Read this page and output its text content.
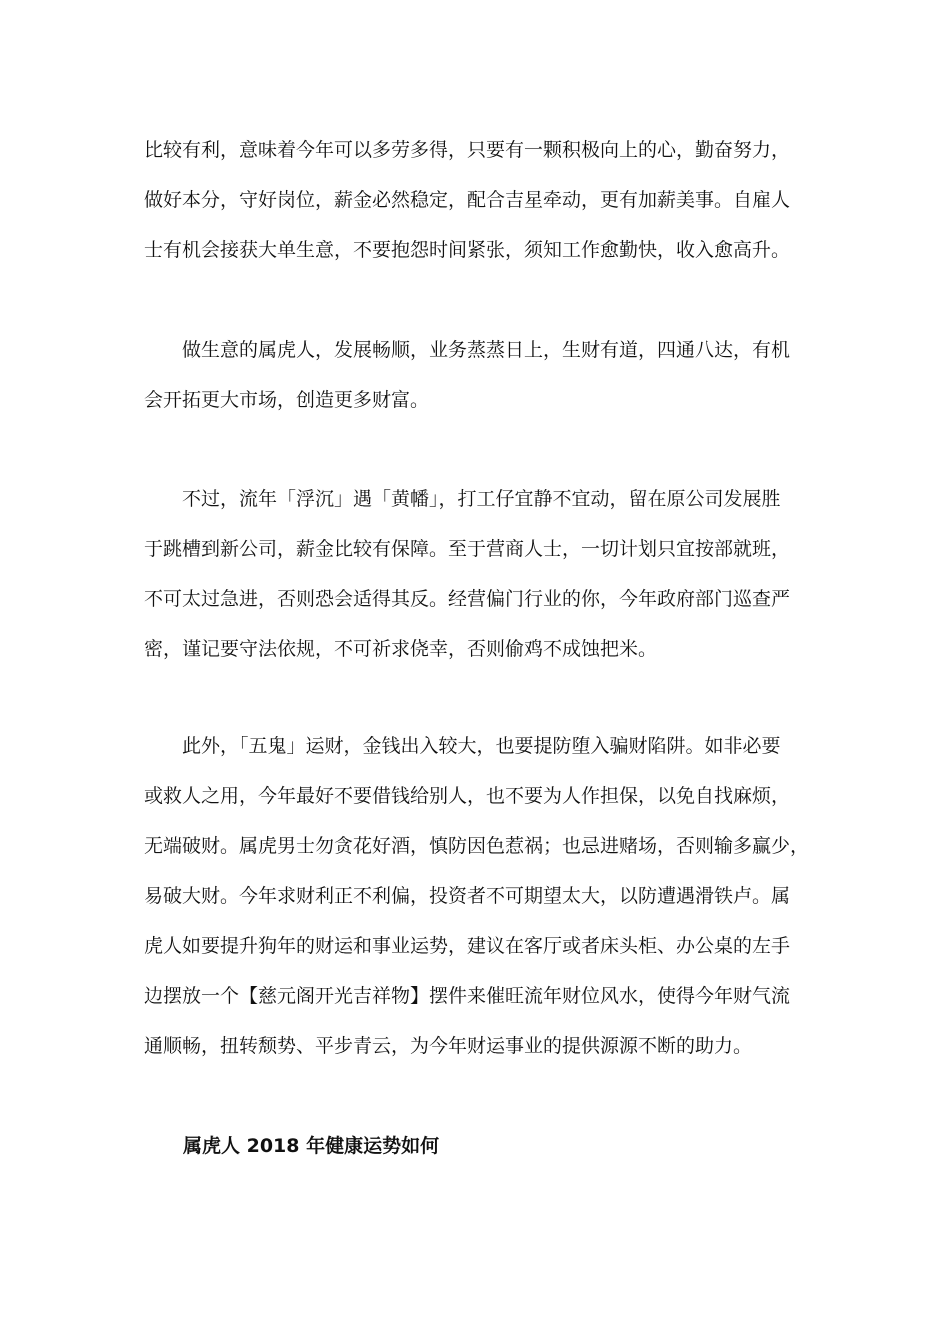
比较有利，意味着今年可以多劳多得，只要有一颗积极向上的心，勤奋努力，
做好本分，守好岗位，薪金必然稳定，配合吉星牵动，更有加薪美事。自雇人
士有机会接获大单生意，不要抱怨时间紧张，须知工作愈勤快，收入愈高升。
　　做生意的属虎人，发展畅顺，业务蒸蒸日上，生财有道，四通八达，有机
会开拓更大市场，创造更多财富。
　　不过，流年「浮沉」遇「黄幡」，打工仔宜静不宜动，留在原公司发展胜
于跳槽到新公司，薪金比较有保障。至于营商人士，一切计划只宜按部就班，
不可太过急进，否则恐会适得其反。经营偏门行业的你，今年政府部门巡查严
密，谨记要守法依规，不可祈求侥幸，否则偷鸡不成蚀把米。
　　此外，「五鬼」运财，金钱出入较大，也要提防堕入骗财陷阱。如非必要
或救人之用，今年最好不要借钱给别人，也不要为人作担保，以免自找麻烦，
无端破财。属虎男士勿贪花好酒，慎防因色惹祸；也忌进赌场，否则输多赢少，
易破大财。今年求财利正不利偏，投资者不可期望太大，以防遭遇滑铁卢。属
虎人如要提升狗年的财运和事业运势，建议在客厅或者床头柜、办公桌的左手
边摆放一个【慈元阁开光吉祥物】摆件来催旺流年财位风水，使得今年财气流
通顺畅，扭转颓势、平步青云，为今年财运事业的提供源源不断的助力。
属虎人 2018 年健康运势如何
